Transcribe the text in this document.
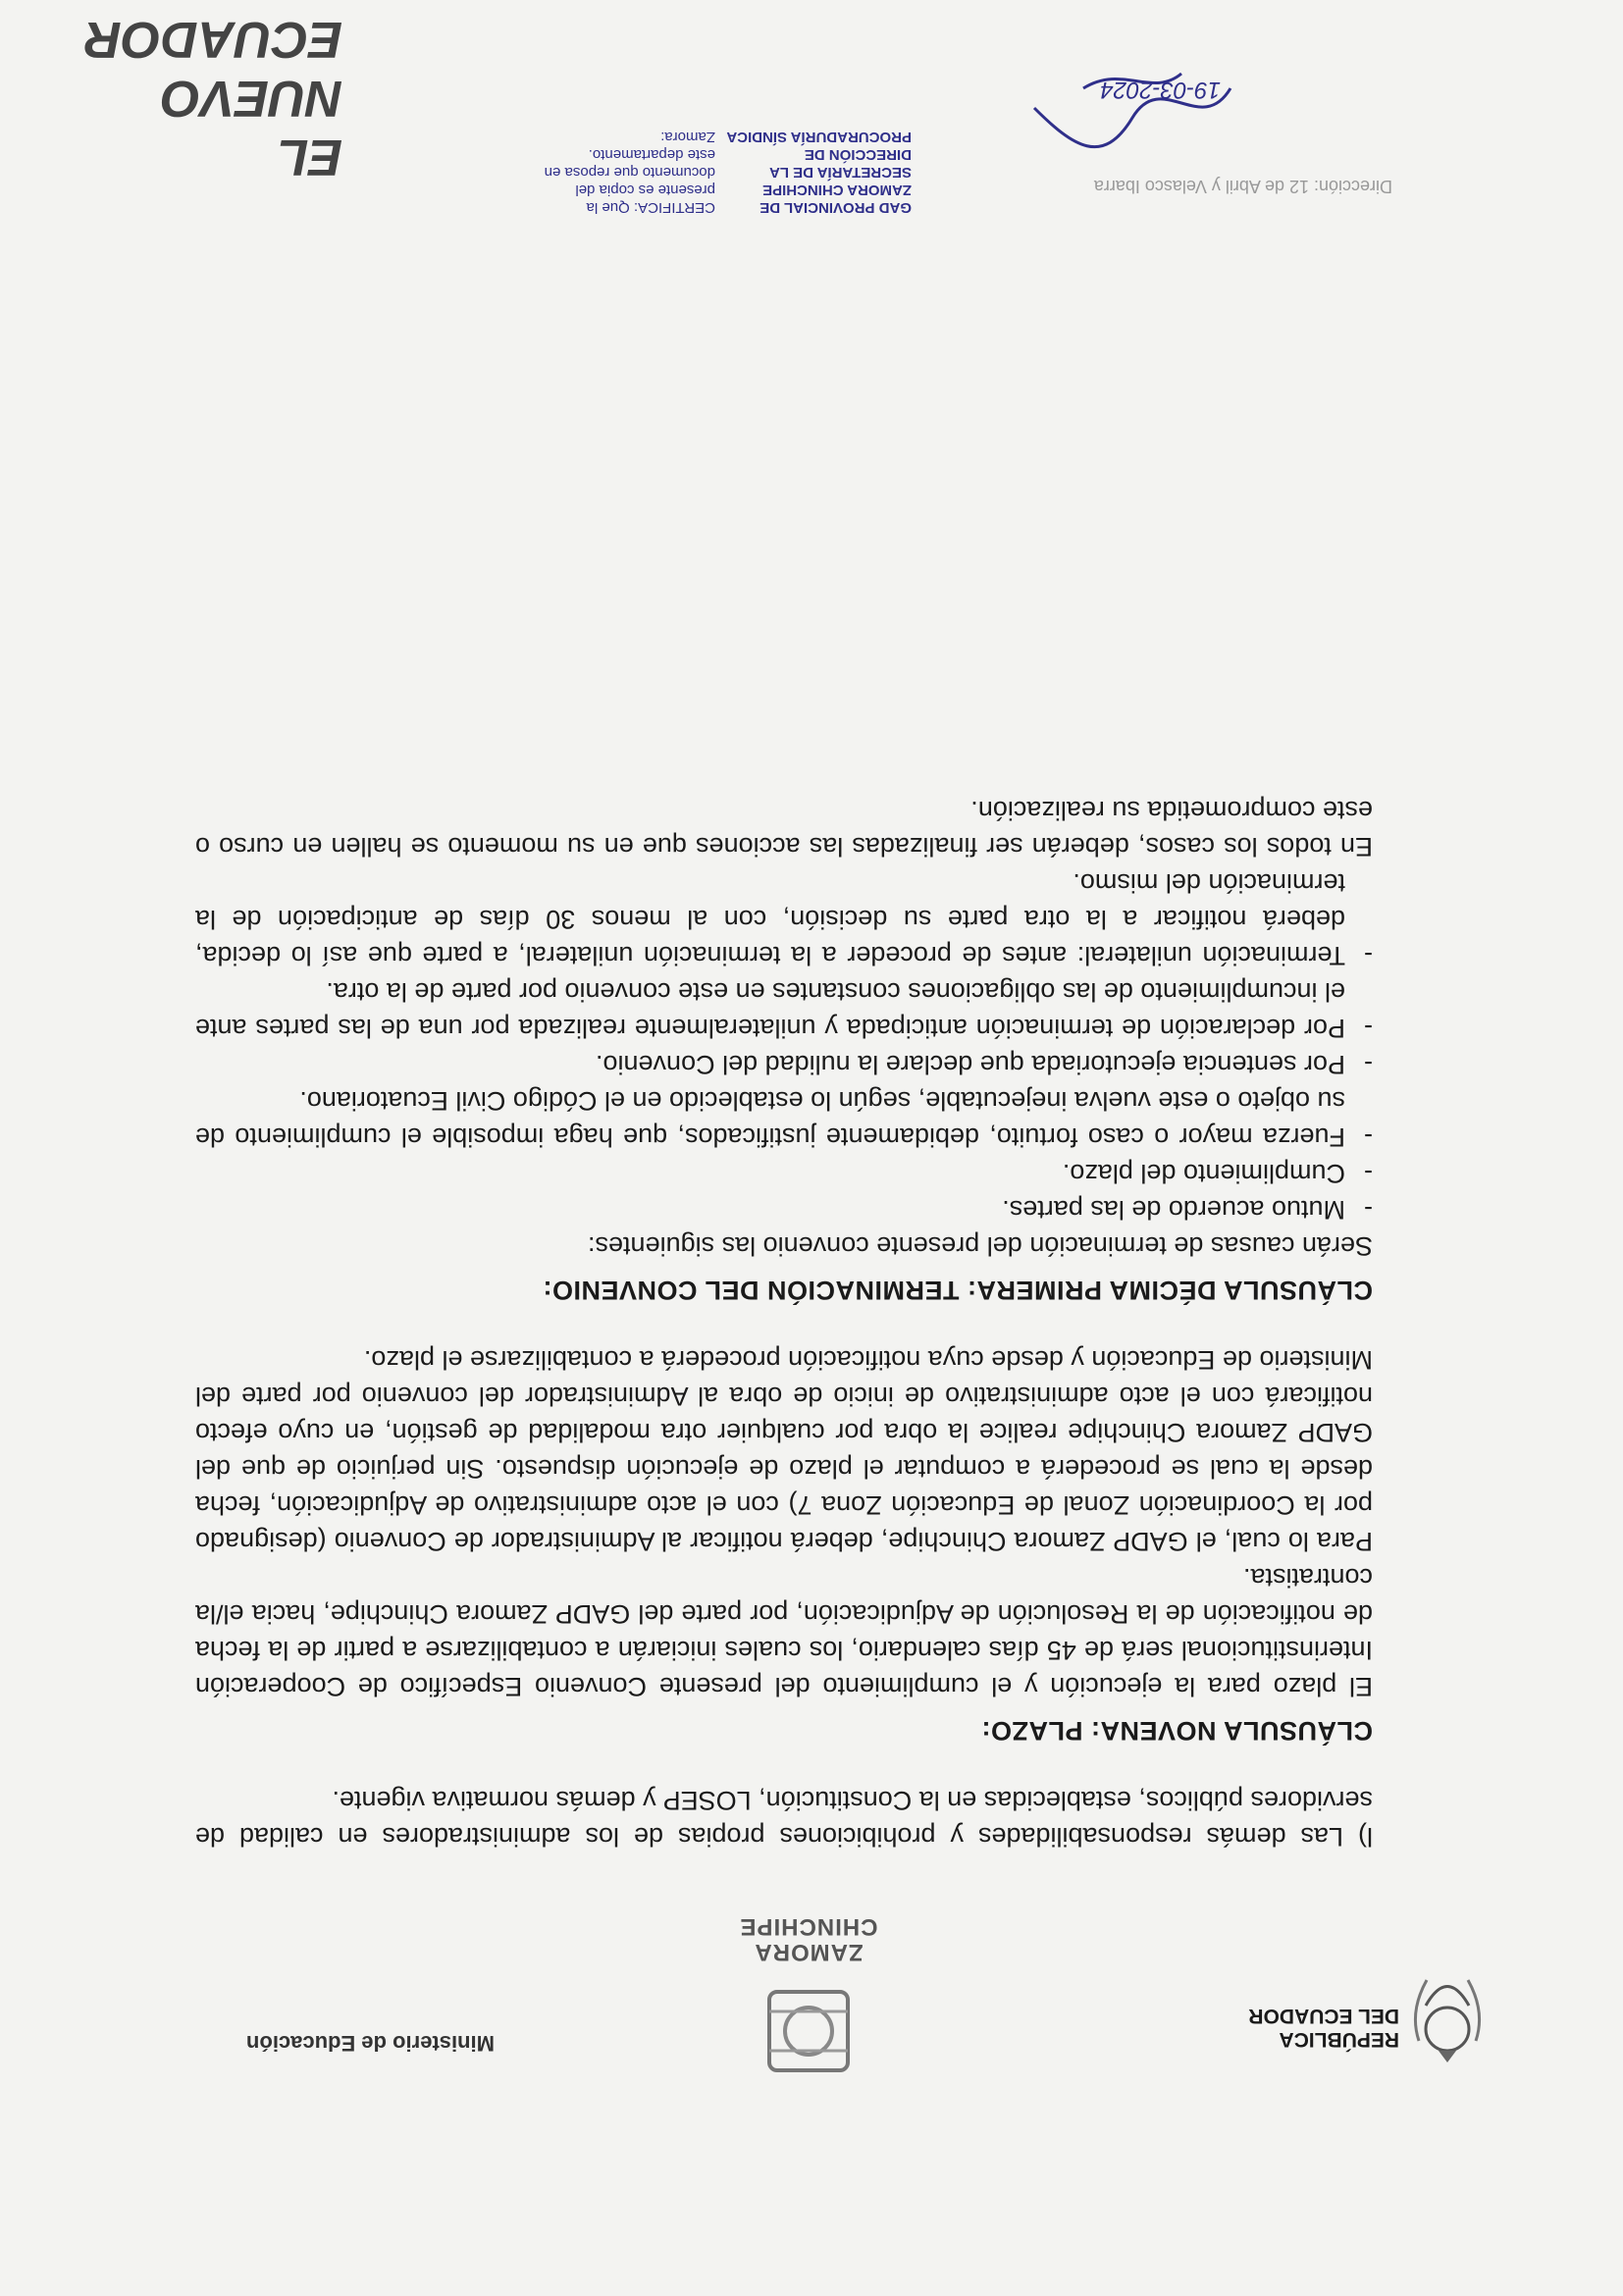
REPÚBLICA
DEL ECUADOR
ZAMORA
CHINCHIPE
Ministerio de Educación

l) Las demás responsabilidades y prohibiciones propias de los administradores en calidad de servidores públicos, establecidas en la Constitución, LOSEP y demás normativa vigente.

CLÁUSULA NOVENA: PLAZO:

El plazo para la ejecución y el cumplimiento del presente Convenio Específico de Cooperación Interinstitucional será de 45 días calendario, los cuales iniciarán a contabilizarse a partir de la fecha de notificación de la Resolución de Adjudicación, por parte del GADP Zamora Chinchipe, hacia el/la contratista.

Para lo cual, el GADP Zamora Chinchipe, deberá notificar al Administrador de Convenio (designado por la Coordinación Zonal de Educación Zona 7) con el acto administrativo de Adjudicación, fecha desde la cual se procederá a computar el plazo de ejecución dispuesto. Sin perjuicio de que del GADP Zamora Chinchipe realice la obra por cualquier otra modalidad de gestión, en cuyo efecto notificará con el acto administrativo de inicio de obra al Administrador del convenio por parte del Ministerio de Educación y desde cuya notificación procederá a contabilizarse el plazo.

CLÁUSULA DÉCIMA PRIMERA: TERMINACIÓN DEL CONVENIO:

Serán causas de terminación del presente convenio las siguientes:

-

Mutuo acuerdo de las partes.

-

Cumplimiento del plazo.

-

Fuerza mayor o caso fortuito, debidamente justificados, que haga imposible el cumplimiento de su objeto o este vuelva inejecutable, según lo establecido en el Código Civil Ecuatoriano.

-

Por sentencia ejecutoriada que declare la nulidad del Convenio.

-

Por declaración de terminación anticipada y unilateralmente realizada por una de las partes ante el incumplimiento de las obligaciones constantes en este convenio por parte de la otra.

-

Terminación unilateral: antes de proceder a la terminación unilateral, a parte que así lo decida, deberá notificar a la otra parte su decisión, con al menos 30 días de anticipación de la terminación del mismo.

En todos los casos, deberán ser finalizadas las acciones que en su momento se hallen en curso o este comprometida su realización.

Dirección: 12 de Abril y Velasco Ibarra
EL NUEVO ECUADOR
GAD PROVINCIAL DE ZAMORA CHINCHIPE
SECRETARÍA DE LA DIRECCIÓN DE PROCURADURÍA SÍNDICA
CERTIFICA: Que la presente es copia del documento que reposa en este departamento.
Zamora:
19-03-2024
